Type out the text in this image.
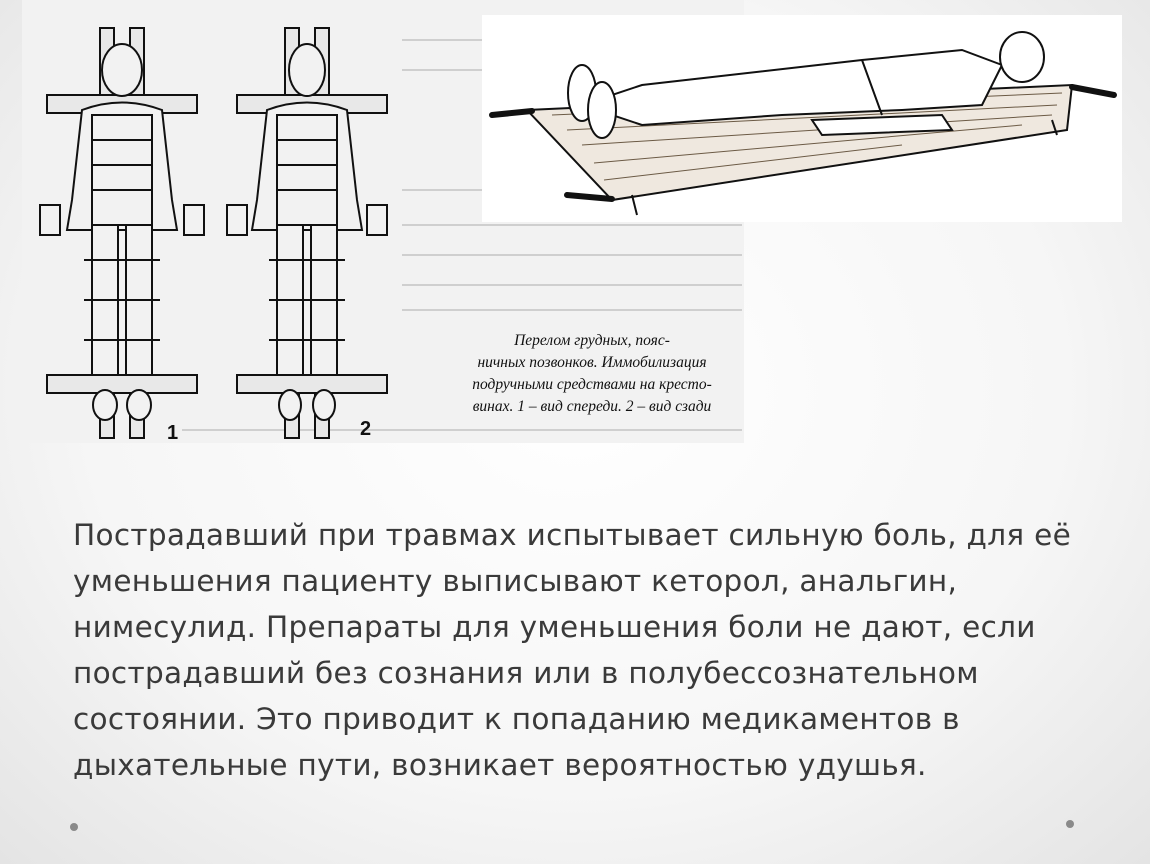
1	2
Перелом грудных, пояс-
ничных позвонков. Иммобилизация
подручными средствами на кресто-
винах. 1 – вид спереди. 2 – вид сзади
Пострадавший при травмах испытывает сильную боль, для её уменьшения пациенту выписывают кеторол, анальгин, нимесулид. Препараты для уменьшения боли не дают, если пострадавший без сознания или в полубессознательном состоянии. Это приводит к попаданию медикаментов в дыхательные пути, возникает вероятностью удушья.
